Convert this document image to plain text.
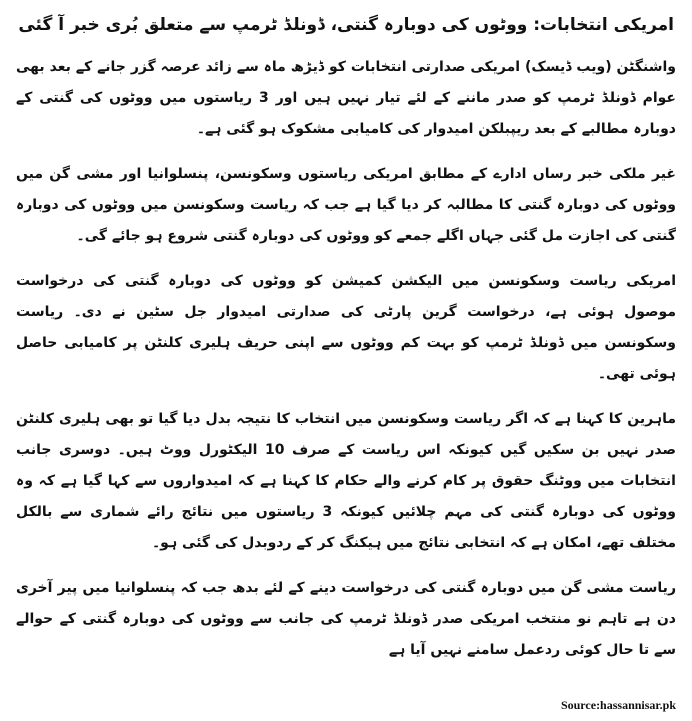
امریکی انتخابات: ووٹوں کی دوبارہ گنتی، ڈونلڈ ٹرمپ سے متعلق بُری خبر آ گئی
واشنگٹن (ویب ڈیسک) امریکی صدارتی انتخابات کو ڈیڑھ ماہ سے زائد عرصہ گزر جانے کے بعد بھی عوام ڈونلڈ ٹرمپ کو صدر ماننے کے لئے تیار نہیں ہیں اور 3 ریاستوں میں ووٹوں کی گنتی کے دوبارہ مطالبے کے بعد ریپبلکن امیدوار کی کامیابی مشکوک ہو گئی ہے۔
غیر ملکی خبر رساں ادارے کے مطابق امریکی ریاستوں وسکونسن، پنسلوانیا اور مشی گن میں ووٹوں کی دوبارہ گنتی کا مطالبہ کر دیا گیا ہے جب کہ ریاست وسکونسن میں ووٹوں کی دوبارہ گنتی کی اجازت مل گئی جہاں اگلے جمعے کو ووٹوں کی دوبارہ گنتی شروع ہو جائے گی۔
امریکی ریاست وسکونسن میں الیکشن کمیشن کو ووٹوں کی دوبارہ گنتی کی درخواست موصول ہوئی ہے، درخواست گرین پارٹی کی صدارتی امیدوار جل سٹین نے دی۔ ریاست وسکونسن میں ڈونلڈ ٹرمپ کو بہت کم ووٹوں سے اپنی حریف ہلیری کلنٹن پر کامیابی حاصل ہوئی تھی۔
ماہرین کا کہنا ہے کہ اگر ریاست وسکونسن میں انتخاب کا نتیجہ بدل دیا گیا تو بھی ہلیری کلنٹن صدر نہیں بن سکیں گیں کیونکہ اس ریاست کے صرف 10 الیکٹورل ووٹ ہیں۔ دوسری جانب انتخابات میں ووٹنگ حقوق پر کام کرنے والے حکام کا کہنا ہے کہ امیدواروں سے کہا گیا ہے کہ وہ ووٹوں کی دوبارہ گنتی کی مہم چلائیں کیونکہ 3 ریاستوں میں نتائج رائے شماری سے بالکل مختلف تھے، امکان ہے کہ انتخابی نتائج میں ہیکنگ کر کے ردوبدل کی گئی ہو۔
ریاست مشی گن میں دوبارہ گنتی کی درخواست دینے کے لئے بدھ جب کہ پنسلوانیا میں پیر آخری دن ہے تاہم نو منتخب امریکی صدر ڈونلڈ ٹرمپ کی جانب سے ووٹوں کی دوبارہ گنتی کے حوالے سے تا حال کوئی ردعمل سامنے نہیں آیا ہے
Source:hassannisar.pk
